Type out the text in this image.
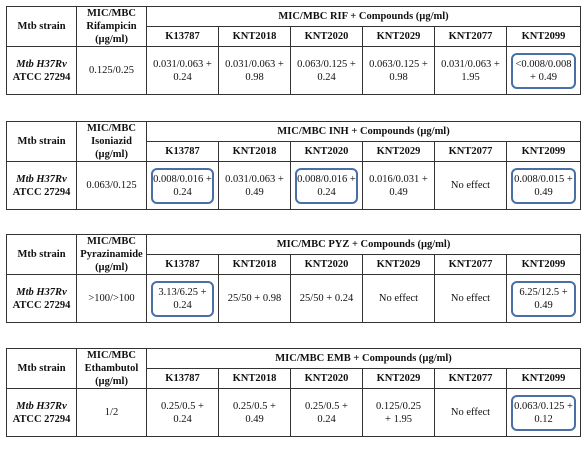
Mtb strain	MIC/MBC
Rifampicin
(µg/ml)	MIC/MBC RIF + Compounds (µg/ml)					
		K13787	KNT2018	KNT2020	KNT2029	KNT2077	KNT2099

Mtb H37Rv
ATCC 27294	0.125/0.25	0.031/0.063 +
0.24	0.031/0.063 +
0.98	0.063/0.125 +
0.24	0.063/0.125 +
0.98	0.031/0.063 +
1.95	<0.008/0.008
+ 0.49
Mtb strain	MIC/MBC
Isoniazid
(µg/ml)	MIC/MBC INH + Compounds (µg/ml)					
		K13787	KNT2018	KNT2020	KNT2029	KNT2077	KNT2099

Mtb H37Rv
ATCC 27294	0.063/0.125	0.008/0.016 +
0.24	0.031/0.063 +
0.49	0.008/0.016 +
0.24	0.016/0.031 +
0.49	No effect	0.008/0.015 +
0.49
Mtb strain	MIC/MBC
Pyrazinamide
(µg/ml)	MIC/MBC PYZ + Compounds (µg/ml)					
		K13787	KNT2018	KNT2020	KNT2029	KNT2077	KNT2099

Mtb H37Rv
ATCC 27294	>100/>100	3.13/6.25 +
0.24	25/50 + 0.98	25/50 + 0.24	No effect	No effect	6.25/12.5 +
0.49
Mtb strain	MIC/MBC
Ethambutol
(µg/ml)	MIC/MBC EMB + Compounds (µg/ml)					
		K13787	KNT2018	KNT2020	KNT2029	KNT2077	KNT2099

Mtb H37Rv
ATCC 27294	1/2	0.25/0.5 +
0.24	0.25/0.5 +
0.49	0.25/0.5 +
0.24	0.125/0.25
+ 1.95	No effect	0.063/0.125 +
0.12
